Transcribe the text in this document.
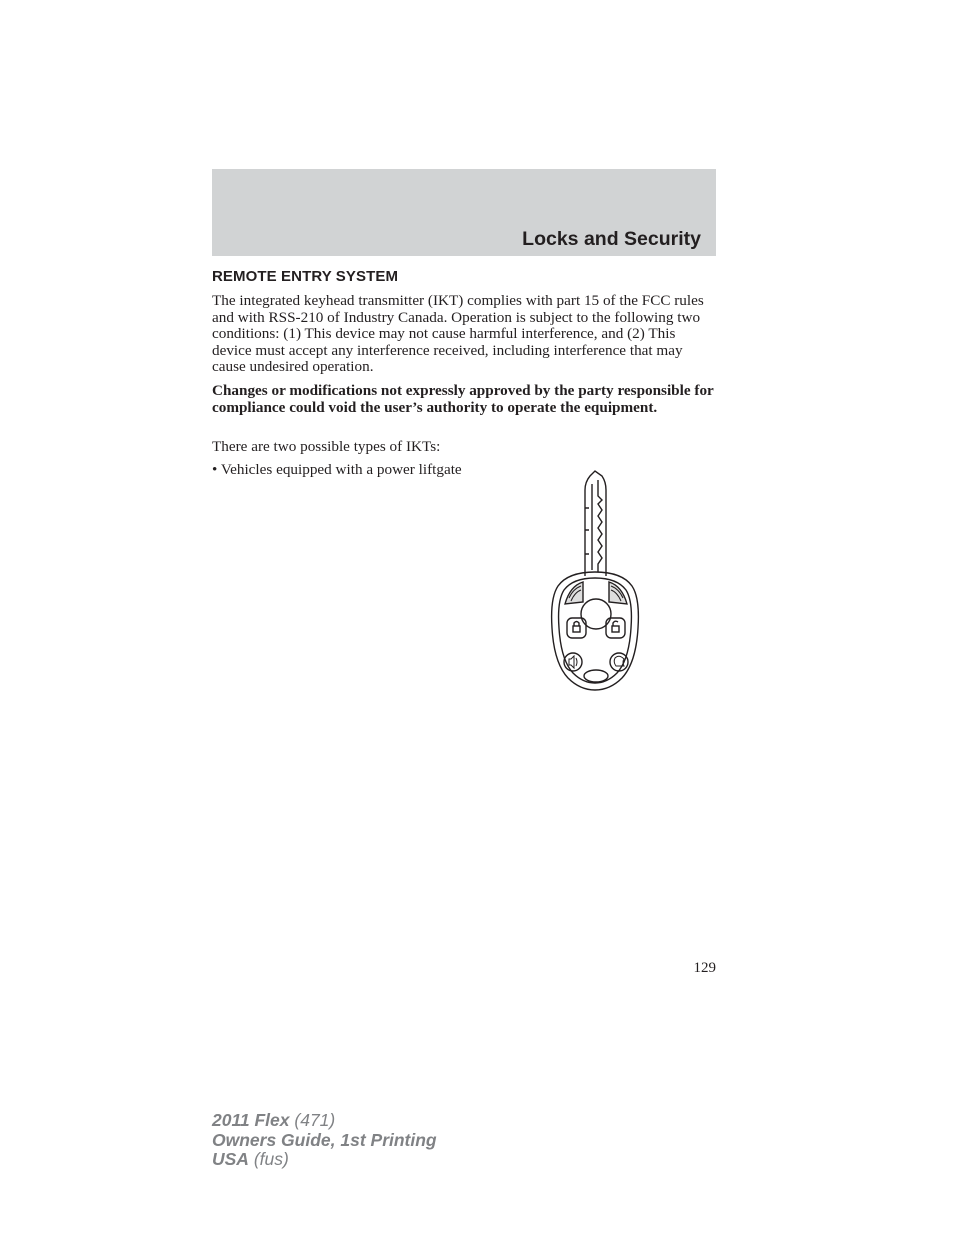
Locks and Security
REMOTE ENTRY SYSTEM
The integrated keyhead transmitter (IKT) complies with part 15 of the FCC rules and with RSS-210 of Industry Canada. Operation is subject to the following two conditions: (1) This device may not cause harmful interference, and (2) This device must accept any interference received, including interference that may cause undesired operation.
Changes or modifications not expressly approved by the party responsible for compliance could void the user’s authority to operate the equipment.
There are two possible types of IKTs:
• Vehicles equipped with a power liftgate
129
2011 Flex (471)
Owners Guide, 1st Printing
USA (fus)
